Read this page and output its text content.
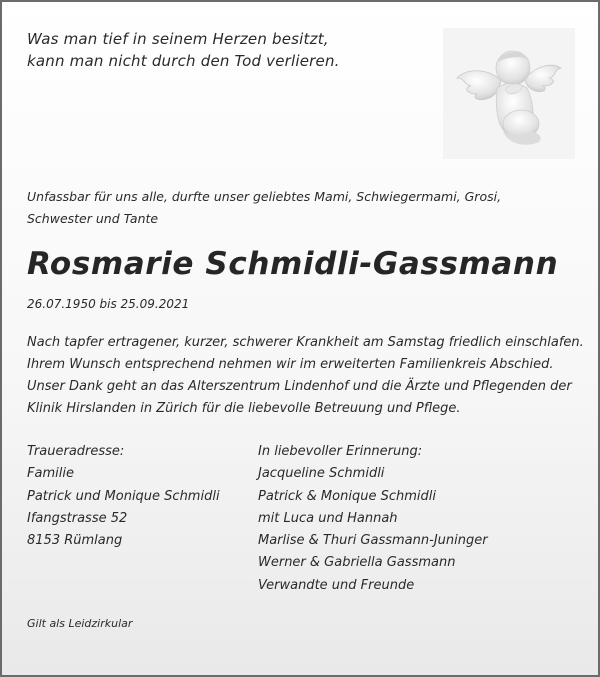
Was man tief in seinem Herzen besitzt,
kann man nicht durch den Tod verlieren.
Unfassbar für uns alle, durfte unser geliebtes Mami, Schwiegermami, Grosi, Schwester und Tante
Rosmarie Schmidli-Gassmann
26.07.1950 bis 25.09.2021
Nach tapfer ertragener, kurzer, schwerer Krankheit am Samstag friedlich einschlafen.
Ihrem Wunsch entsprechend nehmen wir im erweiterten Familienkreis Abschied.
Unser Dank geht an das Alterszentrum Lindenhof und die Ärzte und Pflegenden der
Klinik Hirslanden in Zürich für die liebevolle Betreuung und Pflege.
Traueradresse:
Familie
Patrick und Monique Schmidli
Ifangstrasse 52
8153 Rümlang
In liebevoller Erinnerung:
Jacqueline Schmidli
Patrick & Monique Schmidli
mit Luca und Hannah
Marlise & Thuri Gassmann-Juninger
Werner & Gabriella Gassmann
Verwandte und Freunde
Gilt als Leidzirkular
